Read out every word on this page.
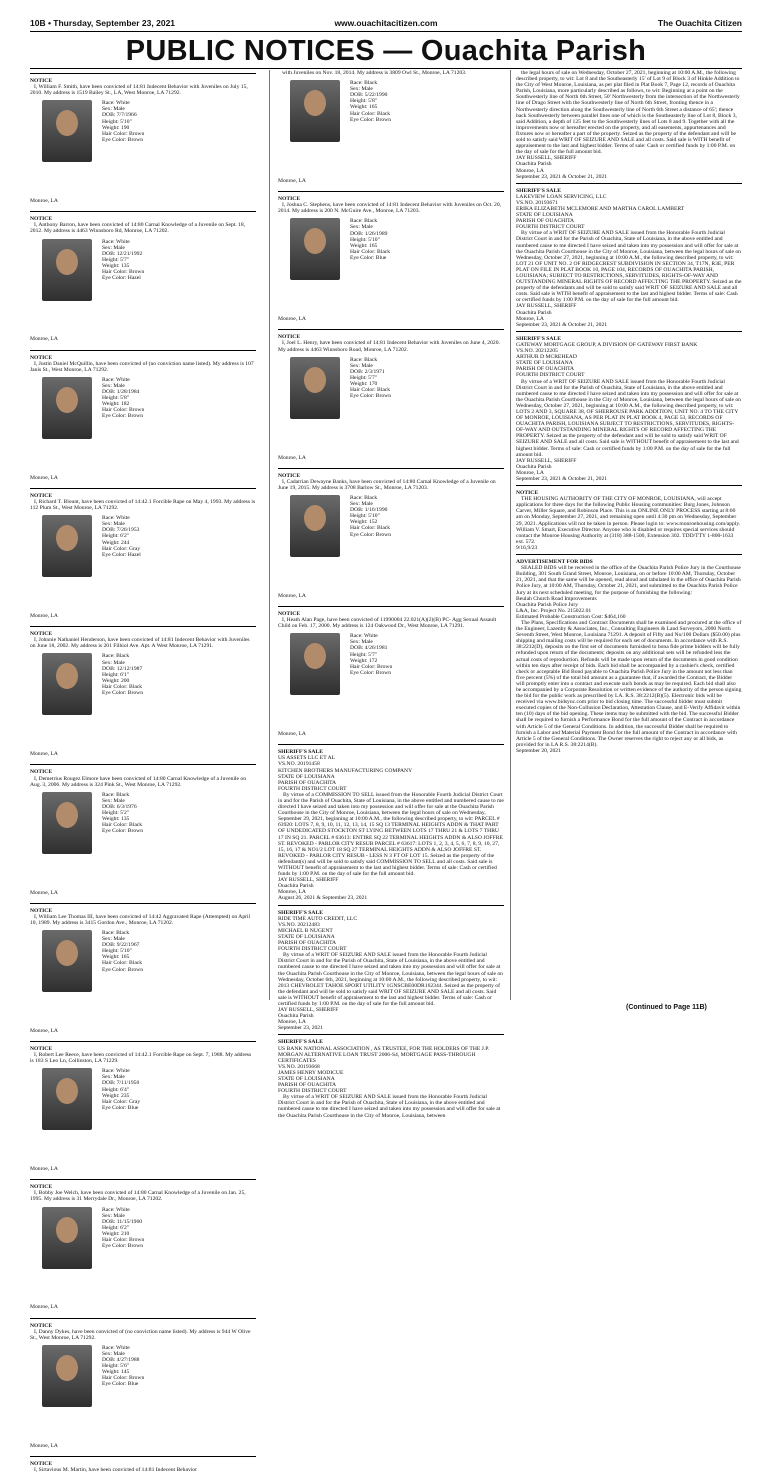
10B • Thursday, September 23, 2021	www.ouachitacitizen.com	The Ouachita Citizen
PUBLIC NOTICES — Ouachita Parish

NOTICE

I, William F. Smith, have been convicted of 14:81 Indecent Behavior with Juveniles on July 15, 2010. My address is 1519 Bailey St., LA, West Monroe, LA 71292.

Race: White

Sex: Male

DOB: 7/7/1966

Height: 5'10"

Weight: 190

Hair Color: Brown

Eye Color: Brown

Monroe, LA

NOTICE

I, Anthony Barron, have been convicted of 14:80 Carnal Knowledge of a Juvenile on Sept. 18, 2012. My address is 4463 Winnsboro Rd, Monroe, LA 71202.

Race: White

Sex: Male

DOB: 12/21/1992

Height: 5'7"

Weight: 135

Hair Color: Brown

Eye Color: Hazel

Monroe, LA

NOTICE

I, Justin Daniel McQuillin, have been convicted of (no conviction name listed). My address is 107 Janis St., West Monroe, LA 71292.

Race: White

Sex: Male

DOB: 1/28/1984

Height: 5'8"

Weight: 182

Hair Color: Brown

Eye Color: Brown

Monroe, LA

NOTICE

I, Richard T. Blount, have been convicted of 14:42.1 Forcible Rape on May 4, 1993. My address is 112 Plum St., West Monroe, LA 71292.

Race: White

Sex: Male

DOB: 7/26/1953

Height: 6'2"

Weight: 244

Hair Color: Gray

Eye Color: Hazel

Monroe, LA

NOTICE

I, Johnnie Nathaniel Henderson, have been convicted of 14:81 Indecent Behavior with Juveniles on June 18, 2002. My address is 201 Filhiol Ave. Apt. A West Monroe, LA 71291.

Race: Black

Sex: Male

DOB: 12/12/1987

Height: 6'1"

Weight: 200

Hair Color: Black

Eye Color: Brown

Monroe, LA

NOTICE

I, Demetrius Rougez Elmore have been convicted of 14:80 Carnal Knowledge of a Juvenile on Aug. 3, 2006. My address is 324 Pink St., West Monroe, LA 71292.

Race: Black

Sex: Male

DOB: 6/3/1976

Height: 5'2"

Weight: 135

Hair Color: Black

Eye Color: Brown

Monroe, LA

NOTICE

I, William Lee Thomas III, have been convicted of 14:42 Aggravated Rape (Attempted) on April 10, 1989. My address is 3415 Gordon Ave., Monroe, LA 71202.

Race: Black

Sex: Male

DOB: 9/22/1967

Height: 5'10"

Weight: 165

Hair Color: Black

Eye Color: Brown

Monroe, LA

NOTICE

I, Robert Lee Reece, have been convicted of 14:42.1 Forcible Rape on Sept. 7, 1988. My address is 183 S Leo Ln, Collinston, LA 71229.

Race: White

Sex: Male

DOB: 7/11/1950

Height: 6'4"

Weight: 235

Hair Color: Gray

Eye Color: Blue

Monroe, LA

NOTICE

I, Bobby Joe Welch, have been convicted of 14:80 Carnal Knowledge of a Juvenile on Jan. 25, 1995. My address is 31 Merrydale Dr., Monroe, LA 71202.

Race: White

Sex: Male

DOB: 11/15/1960

Height: 6'2"

Weight: 210

Hair Color: Brown

Eye Color: Brown

Monroe, LA

NOTICE

I, Danny Dykes, have been convicted of (no conviction name listed). My address is 944 W Olive St., West Monroe, LA 71292.

Race: White

Sex: Male

DOB: 4/27/1988

Height: 5'6"

Weight: 145

Hair Color: Brown

Eye Color: Blue

Monroe, LA

NOTICE

I, Sirtavious M. Martin, have been convicted of 14:81 Indecent Behavior

with Juveniles on Nov. 18, 2014. My address is 3809 Owl St., Monroe, LA 71203.

Race: Black

Sex: Male

DOB: 5/22/1990

Height: 5'8"

Weight: 165

Hair Color: Black

Eye Color: Brown

Monroe, LA

NOTICE

I, Joshua C. Stephens, have been convicted of 14:81 Indecent Behavior with Juveniles on Oct. 20, 2014. My address is 200 N. McGuire Ave., Monroe, LA 71203.

Race: Black

Sex: Male

DOB: 1/26/1989

Height: 5'10"

Weight: 165

Hair Color: Black

Eye Color: Blue

Monroe, LA

NOTICE

I, Joel L. Henry, have been convicted of 14:81 Indecent Behavior with Juveniles on June 4, 2020. My address is 4463 Winnsboro Road, Monroe, LA 71202.

Race: Black

Sex: Male

DOB: 2/3/1971

Height: 5'7"

Weight: 170

Hair Color: Black

Eye Color: Brown

Monroe, LA

NOTICE

I, Cadarrian Dewayne Banks, have been convicted of 14:80 Carnal Knowledge of a Juvenile on June 19, 2015. My address is 3708 Barlow St., Monroe, LA 71203.

Race: Black

Sex: Male

DOB: 1/16/1990

Height: 5'10"

Weight: 152

Hair Color: Black

Eye Color: Brown

Monroe, LA

NOTICE

I, Heath Alan Page, have been convicted of 11990004 22.021(A)(2)(B) PC- Agg Sexual Assault Child on Feb. 17, 2000. My address is 124 Oakwood Dr., West Monroe, LA 71291.

Race: White

Sex: Male

DOB: 4/26/1981

Height: 5'7"

Weight: 172

Hair Color: Brown

Eye Color: Brown

Monroe, LA

SHERIFF'S SALE

US ASSETS LLC ET AL

VS.NO. 20191458

KITCHEN BROTHERS MANUFACTURING COMPANY

STATE OF LOUISIANA

PARISH OF OUACHITA

FOURTH DISTRICT COURT

By virtue of a COMMISSION TO SELL issued from the Honorable Fourth Judicial District Court in and for the Parish of Ouachita, State of Louisiana, in the above entitled and numbered cause to me directed I have seized and taken into my possession and will offer for sale at the Ouachita Parish Courthouse in the City of Monroe, Louisiana, between the legal hours of sale on Wednesday, September 29, 2021, beginning at 10:00 A.M., the following described property, to wit: PARCEL # 63920: LOTS 7, 8, 9, 10, 11, 12, 13, 14, 15 SQ 13 TERMINAL HEIGHTS ADDN & THAT PART OF UNDEDICATED STOCKTON ST LYING BETWEEN LOTS 17 THRU 21 & LOTS 7 THRU 17 IN SQ 21. PARCEL # 63613: ENTIRE SQ 22 TERMINAL HEIGHTS ADDN & ALSO JOFFRE ST. REVOKED - PARLOR CITY RESUB PARCEL # 63617: LOTS 1, 2, 3, 4, 5, 6, 7, 8, 9, 10, 27, 15, 16, 17 & NO1/2 LOT 18 SQ 27 TERMINAL HEIGHTS ADDN & ALSO JOFFRE ST. REVOKED - PARLOR CITY RESUB - LESS N 3 FT OF LOT 15. Seized as the property of the defendant(s) and will be sold to satisfy said COMMISSION TO SELL and all costs. Said sale is WITHOUT benefit of appraisement to the last and highest bidder. Terms of sale: Cash or certified funds by 1:00 P.M. on the day of sale for the full amount bid.

JAY RUSSELL, SHERIFF

Ouachita Parish

Monroe, LA

August 26, 2021 & September 23, 2021

SHERIFF'S SALE

RIDE TIME AUTO CREDIT, LLC

VS.NO. 20212483

MICHAEL B NUGENT

STATE OF LOUISIANA

PARISH OF OUACHITA

FOURTH DISTRICT COURT

By virtue of a WRIT OF SEIZURE AND SALE issued from the Honorable Fourth Judicial District Court in and for the Parish of Ouachita, State of Louisiana, in the above entitled and numbered cause to me directed I have seized and taken into my possession and will offer for sale at the Ouachita Parish Courthouse in the City of Monroe, Louisiana, between the legal hours of sale on Wednesday, October 6th, 2021, beginning at 10:00 A.M., the following described property, to wit: 2013 CHEVROLET TAHOE SPORT UTILITY 1GNSCBE00DR162344. Seized as the property of the defendant and will be sold to satisfy said WRIT OF SEIZURE AND SALE and all costs. Said sale is WITHOUT benefit of appraisement to the last and highest bidder. Terms of sale: Cash or certified funds by 1:00 P.M. on the day of sale for the full amount bid.

JAY RUSSELL, SHERIFF

Ouachita Parish

Monroe, LA

September 23, 2021

SHERIFF'S SALE

US BANK NATIONAL ASSOCIATION , AS TRUSTEE, FOR THE HOLDERS OF THE J.P. MORGAN ALTERNATIVE LOAN TRUST 2006-S4, MORTGAGE PASS-THROUGH CERTIFICATES

VS.NO. 20193668

JAMES HENRY MODICUE

STATE OF LOUISIANA

PARISH OF OUACHITA

FOURTH DISTRICT COURT

By virtue of a WRIT OF SEIZURE AND SALE issued from the Honorable Fourth Judicial District Court in and for the Parish of Ouachita, State of Louisiana, in the above entitled and numbered cause to me directed I have seized and taken into my possession and will offer for sale at the Ouachita Parish Courthouse in the City of Monroe, Louisiana, between

the legal hours of sale on Wednesday, October 27, 2021, beginning at 10:00 A.M., the following described property, to wit: Lot 8 and the Southeasterly 15' of Lot 9 of Block 3 of Hinkle Addition to the City of West Monroe, Louisiana, as per plat filed in Plat Book 7, Page 12, records of Ouachita Parish, Louisiana, more particularly described as follows, to wit: Beginning at a point on the Southwesterly line of North 6th Street, 50' Northwesterly from the intersection of the Northwesterly line of Drago Street with the Southwesterly line of North 6th Street, fronting thence in a Northwesterly direction along the Southwesterly line of North 6th Street a distance of 65'; thence back Southwesterly between parallel lines one of which is the Southeasterly line of Lot 8, Block 3, said Addition, a depth of 125 feet to the Southwesterly lines of Lots 8 and 9. Together with all the improvements now or hereafter erected on the property, and all easements, appurtenances and fixtures now or hereafter a part of the property. Seized as the property of the defendant and will be sold to satisfy said WRIT OF SEIZURE AND SALE and all costs. Said sale is WITH benefit of appraisement to the last and highest bidder. Terms of sale: Cash or certified funds by 1:00 P.M. on the day of sale for the full amount bid.

JAY RUSSELL, SHERIFF

Ouachita Parish

Monroe, LA

September 23, 2021 & October 21, 2021

SHERIFF'S SALE

LAKEVIEW LOAN SERVICING, LLC

VS.NO. 20193671

ERIKA ELIZABETH MCLEMORE AND MARTHA CAROL LAMBERT

STATE OF LOUISIANA

PARISH OF OUACHITA

FOURTH DISTRICT COURT

By virtue of a WRIT OF SEIZURE AND SALE issued from the Honorable Fourth Judicial District Court in and for the Parish of Ouachita, State of Louisiana, in the above entitled and numbered cause to me directed I have seized and taken into my possession and will offer for sale at the Ouachita Parish Courthouse in the City of Monroe, Louisiana, between the legal hours of sale on Wednesday, October 27, 2021, beginning at 10:00 A.M., the following described property, to wit: LOT 21 OF UNIT NO. 2 OF RIDGECREST SUBDIVISION IN SECTION 34, T17N, R3E, PER PLAT ON FILE IN PLAT BOOK 10, PAGE 104, RECORDS OF OUACHITA PARISH, LOUISIANA; SUBJECT TO RESTRICTIONS, SERVITUDES, RIGHTS-OF-WAY AND OUTSTANDING MINERAL RIGHTS OF RECORD AFFECTING THE PROPERTY. Seized as the property of the defendants and will be sold to satisfy said WRIT OF SEIZURE AND SALE and all costs. Said sale is WITH benefit of appraisement to the last and highest bidder. Terms of sale: Cash or certified funds by 1:00 P.M. on the day of sale for the full amount bid.

JAY RUSSELL, SHERIFF

Ouachita Parish

Monroe, LA

September 23, 2021 & October 21, 2021

SHERIFF'S SALE

GATEWAY MORTGAGE GROUP, A DIVISION OF GATEWAY FIRST BANK

VS.NO. 20212205

ARTHUR D MCREHEAD

STATE OF LOUISIANA

PARISH OF OUACHITA

FOURTH DISTRICT COURT

By virtue of a WRIT OF SEIZURE AND SALE issued from the Honorable Fourth Judicial District Court in and for the Parish of Ouachita, State of Louisiana, in the above entitled and numbered cause to me directed I have seized and taken into my possession and will offer for sale at the Ouachita Parish Courthouse in the City of Monroe, Louisiana, between the legal hours of sale on Wednesday, October 27, 2021, beginning at 10:00 A.M., the following described property, to wit: LOTS 2 AND 3, SQUARE 38, OF SHERROUSE PARK ADDITION, UNIT NO. 4 TO THE CITY OF MONROE, LOUISIANA, AS PER PLAT IN PLAT BOOK 4, PAGE 53, RECORDS OF OUACHITA PARISH, LOUISIANA SUBJECT TO RESTRICTIONS, SERVITUDES, RIGHTS-OF-WAY AND OUTSTANDING MINERAL RIGHTS OF RECORD AFFECTING THE PROPERTY. Seized as the property of the defendant and will be sold to satisfy said WRIT OF SEIZURE AND SALE and all costs. Said sale is WITHOUT benefit of appraisement to the last and highest bidder. Terms of sale: Cash or certified funds by 1:00 P.M. on the day of sale for the full amount bid.

JAY RUSSELL, SHERIFF

Ouachita Parish

Monroe, LA

September 23, 2021 & October 21, 2021

NOTICE

THE HOUSING AUTHORITY OF THE CITY OF MONROE, LOUISIANA, will accept applications for three days for the following Public Housing communities: Burg Jones, Johnson Carver, Miller Square, and Robinson Place. This is an ONLINE ONLY PROCESS starting at 8:00 am on Monday, September 27, 2021, and remaining open until 4:30 pm on Wednesday, September 29, 2021. Applications will not be taken in person. Please login to: www.monroehousing.com/apply. William V. Smart, Executive Director. Anyone who is disabled or requires special services should contact the Monroe Housing Authority at (318) 388-1500, Extension 302. TDD/TTY 1-800-1633 ext. 572.

9/16,9/23

ADVERTISEMENT FOR BIDS

SEALED BIDS will be received in the office of the Ouachita Parish Police Jury in the Courthouse Building, 301 South Grand Street, Monroe, Louisiana, on or before 10:00 AM, Thursday, October 21, 2021, and that the same will be opened, read aloud and tabulated in the office of Ouachita Parish Police Jury, at 10:00 AM, Thursday, October 21, 2021, and submitted to the Ouachita Parish Police Jury at its next scheduled meeting, for the purpose of furnishing the following:

Beulah Church Road Improvements

Ouachita Parish Police Jury

L&A, Inc. Project No. 215022.01

Estimated Probable Construction Cost: $464,160

The Plans, Specifications and Contract Documents shall be examined and procured at the office of the Engineer, Lazenby & Associates, Inc., Consulting Engineers & Land Surveyors, 2000 North Seventh Street, West Monroe, Louisiana 71291. A deposit of Fifty and No/100 Dollars ($50.00) plus shipping and mailing costs will be required for each set of documents. In accordance with R.S. 38:2212(D), deposits on the first set of documents furnished to bona fide prime bidders will be fully refunded upon return of the documents; deposits on any additional sets will be refunded less the actual costs of reproduction. Refunds will be made upon return of the documents in good condition within ten days after receipt of bids. Each bid shall be accompanied by a cashier's check, certified check or acceptable Bid Bond payable to Ouachita Parish Police Jury in the amount not less than five percent (5%) of the total bid amount as a guarantee that, if awarded the Contract, the Bidder will promptly enter into a contract and execute such bonds as may be required. Each bid shall also be accompanied by a Corporate Resolution or written evidence of the authority of the person signing the bid for the public work as prescribed by LA. R.S. 38:2212(B)(5). Electronic bids will be received via www.bidsync.com prior to bid closing time. The successful bidder must submit executed copies of the Non-Collusion Declaration, Attestation Clause, and E-Verify Affidavit within ten (10) days of the bid opening. These items may be submitted with the bid. The successful Bidder shall be required to furnish a Performance Bond for the full amount of the Contract in accordance with Article 5 of the General Conditions. In addition, the successful Bidder shall be required to furnish a Labor and Material Payment Bond for the full amount of the Contract in accordance with Article 5 of the General Conditions. The Owner reserves the right to reject any or all bids, as provided for in LA R.S. 38:2214(B).

September 20, 2021

(Continued to Page 11B)
